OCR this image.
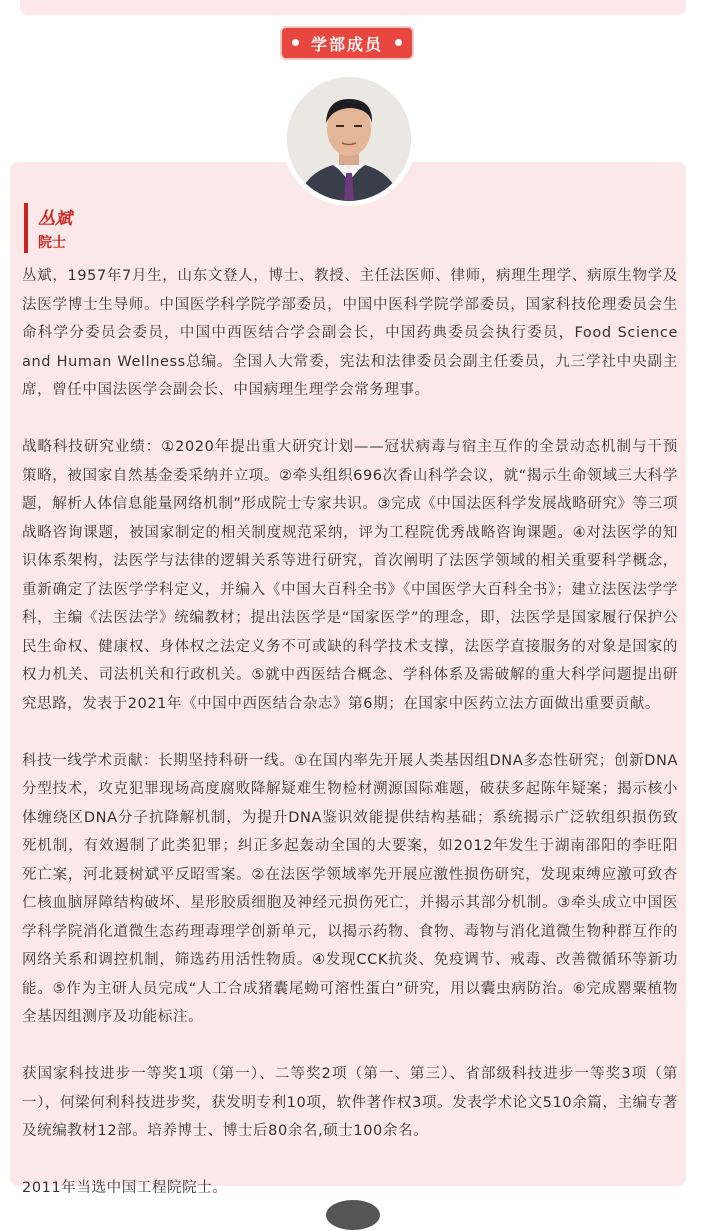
学部成员
丛斌
院士

丛斌，1957年7月生，山东文登人，博士、教授、主任法医师、律师，病理生理学、病原生物学及法医学博士生导师。中国医学科学院学部委员，中国中医科学院学部委员，国家科技伦理委员会生命科学分委员会委员，中国中西医结合学会副会长，中国药典委员会执行委员，Food Science and Human Wellness总编。全国人大常委，宪法和法律委员会副主任委员，九三学社中央副主席，曾任中国法医学会副会长、中国病理生理学会常务理事。

战略科技研究业绩：①2020年提出重大研究计划——冠状病毒与宿主互作的全景动态机制与干预策略，被国家自然基金委采纳并立项。②牵头组织696次香山科学会议，就“揭示生命领域三大科学题，解析人体信息能量网络机制”形成院士专家共识。③完成《中国法医科学发展战略研究》等三项战略咨询课题，被国家制定的相关制度规范采纳，评为工程院优秀战略咨询课题。④对法医学的知识体系架构，法医学与法律的逻辑关系等进行研究，首次阐明了法医学领域的相关重要科学概念，重新确定了法医学学科定义，并编入《中国大百科全书》《中国医学大百科全书》；建立法医法学学科，主编《法医法学》统编教材；提出法医学是“国家医学”的理念，即，法医学是国家履行保护公民生命权、健康权、身体权之法定义务不可或缺的科学技术支撑，法医学直接服务的对象是国家的权力机关、司法机关和行政机关。⑤就中西医结合概念、学科体系及需破解的重大科学问题提出研究思路，发表于2021年《中国中西医结合杂志》第6期；在国家中医药立法方面做出重要贡献。

科技一线学术贡献：长期坚持科研一线。①在国内率先开展人类基因组DNA多态性研究；创新DNA分型技术，攻克犯罪现场高度腐败降解疑难生物检材溯源国际难题，破获多起陈年疑案；揭示核小体缠绕区DNA分子抗降解机制，为提升DNA鉴识效能提供结构基础；系统揭示广泛软组织损伤致死机制，有效遏制了此类犯罪；纠正多起轰动全国的大要案，如2012年发生于湖南邵阳的李旺阳死亡案，河北聂树斌平反昭雪案。②在法医学领域率先开展应激性损伤研究，发现束缚应激可致杏仁核血脑屏障结构破坏、星形胶质细胞及神经元损伤死亡，并揭示其部分机制。③牵头成立中国医学科学院消化道微生态药理毒理学创新单元，以揭示药物、食物、毒物与消化道微生物种群互作的网络关系和调控机制，筛选药用活性物质。④发现CCK抗炎、免疫调节、戒毒、改善微循环等新功能。⑤作为主研人员完成“人工合成猪囊尾蚴可溶性蛋白”研究，用以囊虫病防治。⑥完成罂粟植物全基因组测序及功能标注。

获国家科技进步一等奖1项（第一）、二等奖2项（第一、第三）、省部级科技进步一等奖3项（第一），何梁何利科技进步奖，获发明专利10项，软件著作权3项。发表学术论文510余篇，主编专著及统编教材12部。培养博士、博士后80余名,硕士100余名。

2011年当选中国工程院院士。
